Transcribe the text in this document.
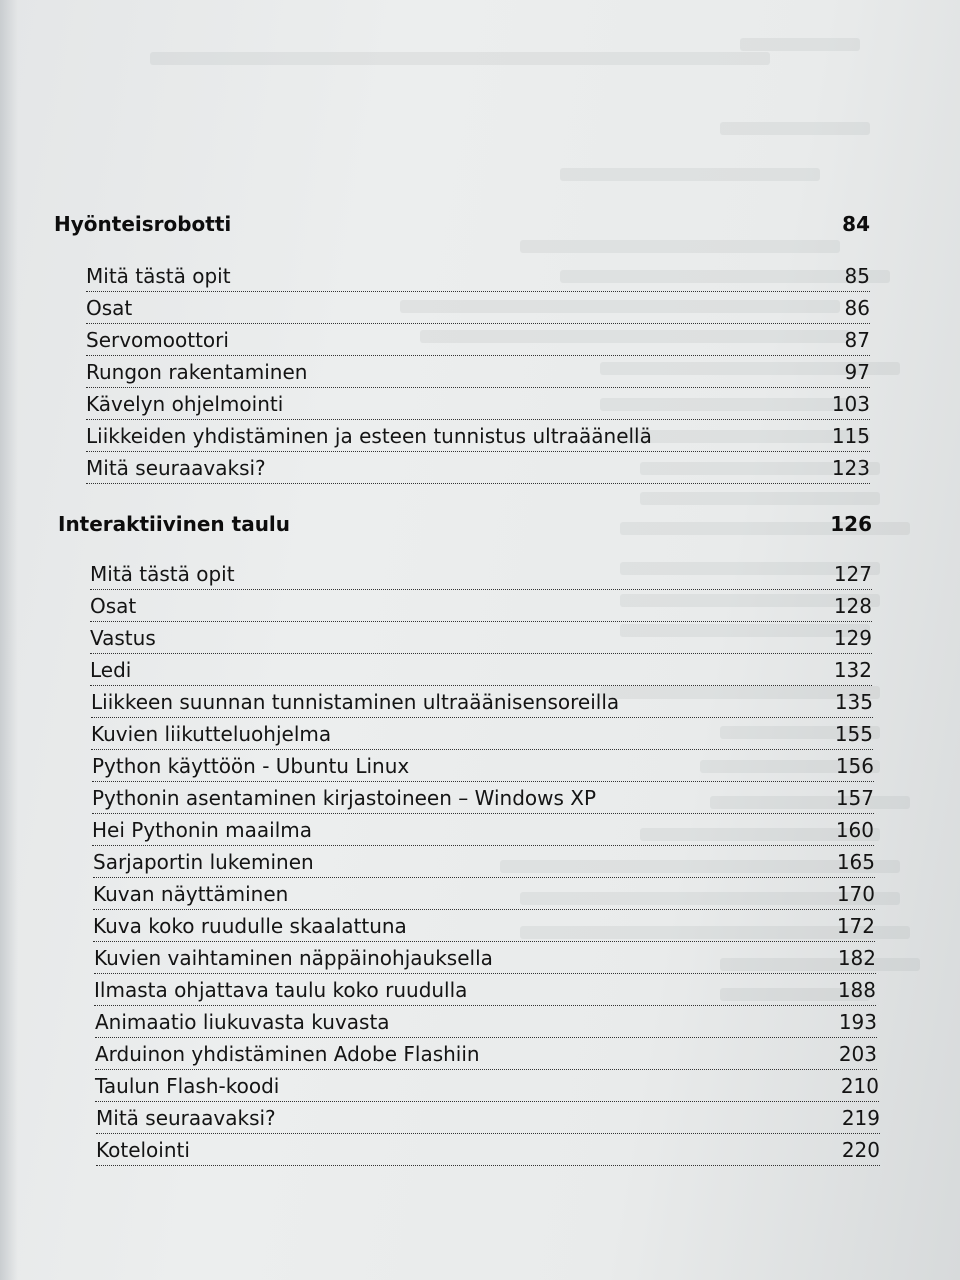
Hyönteisrobotti	84
Mitä tästä opit	85
Osat	86
Servomoottori	87
Rungon rakentaminen	97
Kävelyn ohjelmointi	103
Liikkeiden yhdistäminen ja esteen tunnistus ultraäänellä	115
Mitä seuraavaksi?	123
Interaktiivinen taulu	126
Mitä tästä opit	127
Osat	128
Vastus	129
Ledi	132
Liikkeen suunnan tunnistaminen ultraäänisensoreilla	135
Kuvien liikutteluohjelma	155
Python käyttöön - Ubuntu Linux	156
Pythonin asentaminen kirjastoineen – Windows XP	157
Hei Pythonin maailma	160
Sarjaportin lukeminen	165
Kuvan näyttäminen	170
Kuva koko ruudulle skaalattuna	172
Kuvien vaihtaminen näppäinohjauksella	182
Ilmasta ohjattava taulu koko ruudulla	188
Animaatio liukuvasta kuvasta	193
Arduinon yhdistäminen Adobe Flashiin	203
Taulun Flash-koodi	210
Mitä seuraavaksi?	219
Kotelointi	220
